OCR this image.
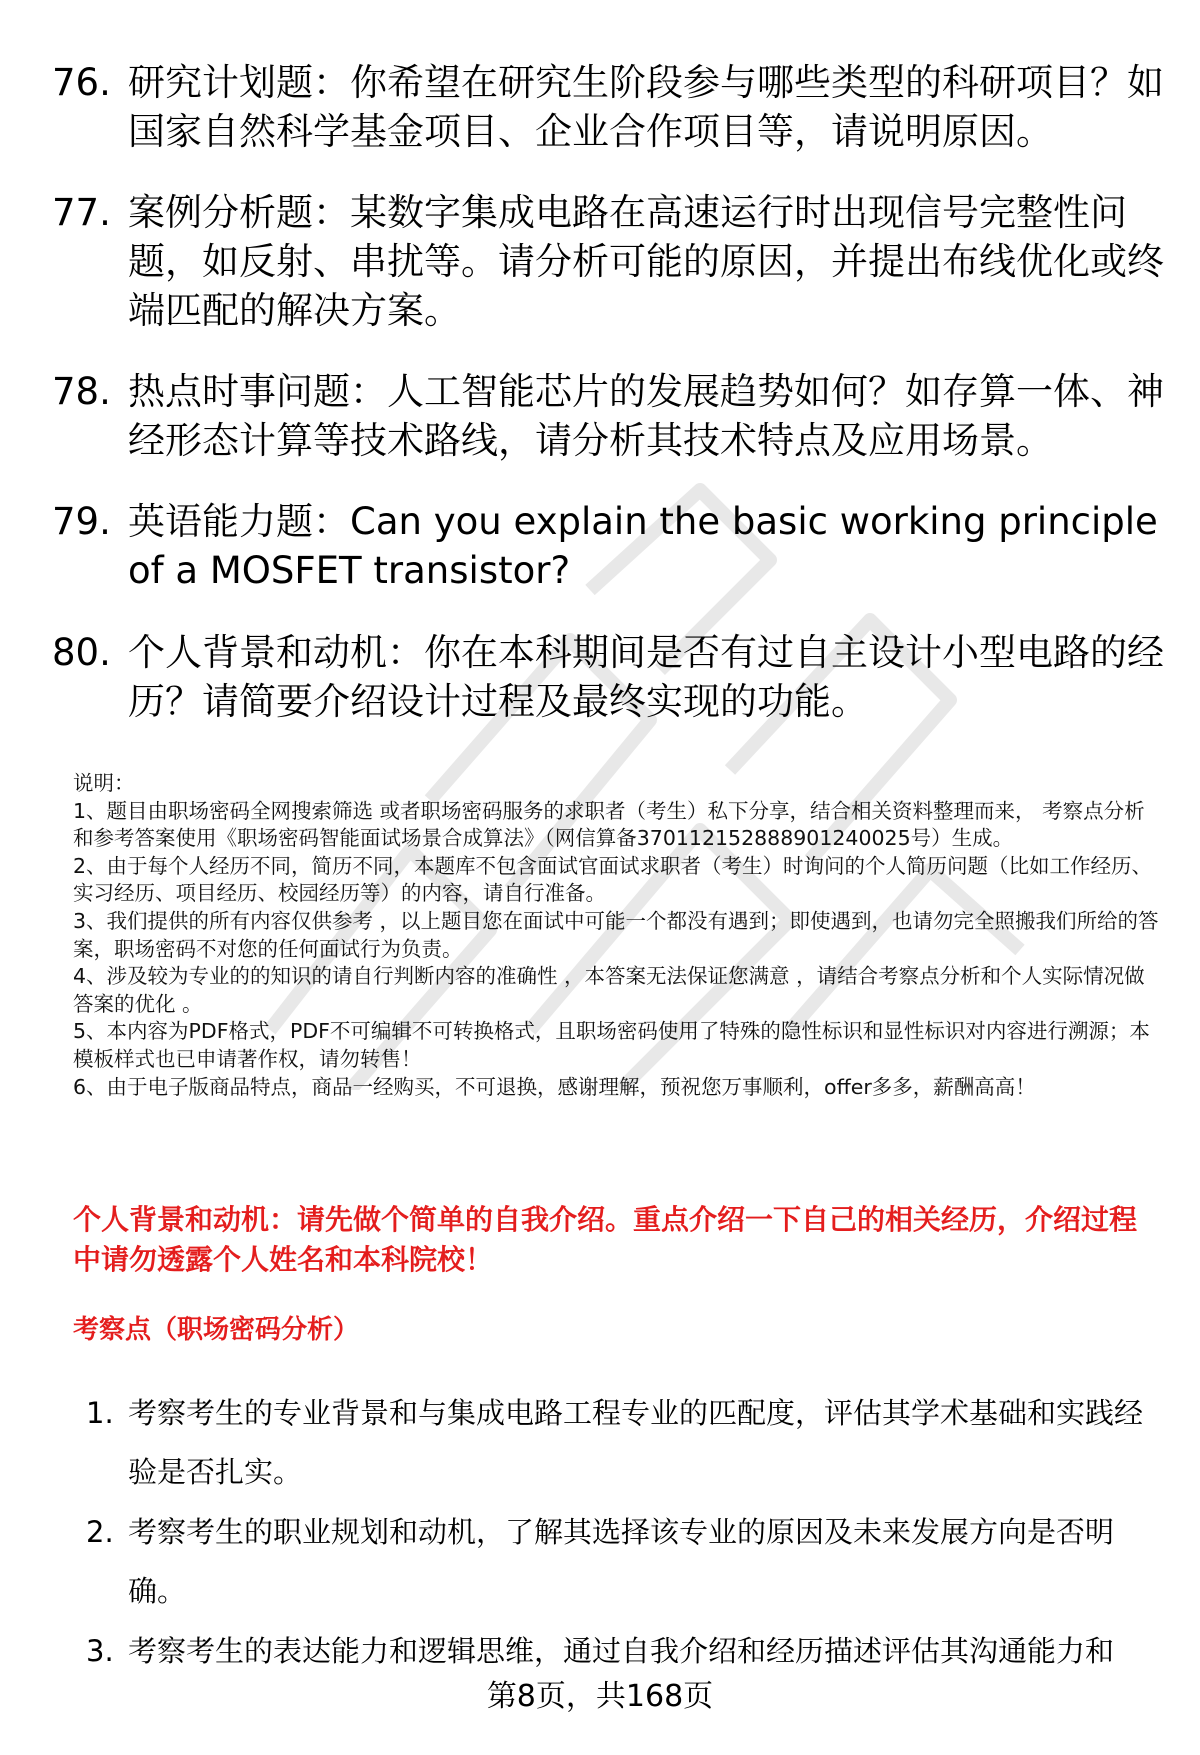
76. 研究计划题：你希望在研究生阶段参与哪些类型的科研项目？如国家自然科学基金项目、企业合作项目等，请说明原因。
77. 案例分析题：某数字集成电路在高速运行时出现信号完整性问题，如反射、串扰等。请分析可能的原因，并提出布线优化或终端匹配的解决方案。
78. 热点时事问题：人工智能芯片的发展趋势如何？如存算一体、神经形态计算等技术路线，请分析其技术特点及应用场景。
79. 英语能力题：Can you explain the basic working principle of a MOSFET transistor?
80. 个人背景和动机：你在本科期间是否有过自主设计小型电路的经历？请简要介绍设计过程及最终实现的功能。

说明：

1、题目由职场密码全网搜索筛选 或者职场密码服务的求职者（考生）私下分享，结合相关资料整理而来， 考察点分析和参考答案使用《职场密码智能面试场景合成算法》（网信算备370112152888901240025号）生成。

2、由于每个人经历不同，简历不同，本题库不包含面试官面试求职者（考生）时询问的个人简历问题（比如工作经历、实习经历、项目经历、校园经历等）的内容，请自行准备。

3、我们提供的所有内容仅供参考 ，以上题目您在面试中可能一个都没有遇到；即使遇到，也请勿完全照搬我们所给的答案，职场密码不对您的任何面试行为负责。

4、涉及较为专业的的知识的请自行判断内容的准确性 ，本答案无法保证您满意 ，请结合考察点分析和个人实际情况做答案的优化 。

5、本内容为PDF格式，PDF不可编辑不可转换格式，且职场密码使用了特殊的隐性标识和显性标识对内容进行溯源；本模板样式也已申请著作权，请勿转售！

6、由于电子版商品特点，商品一经购买，不可退换，感谢理解，预祝您万事顺利，offer多多，薪酬高高！

个人背景和动机：请先做个简单的自我介绍。重点介绍一下自己的相关经历，介绍过程中请勿透露个人姓名和本科院校！
考察点（职场密码分析）
1. 考察考生的专业背景和与集成电路工程专业的匹配度，评估其学术基础和实践经验是否扎实。
2. 考察考生的职业规划和动机，了解其选择该专业的原因及未来发展方向是否明确。
3. 考察考生的表达能力和逻辑思维，通过自我介绍和经历描述评估其沟通能力和
第8页，共168页
